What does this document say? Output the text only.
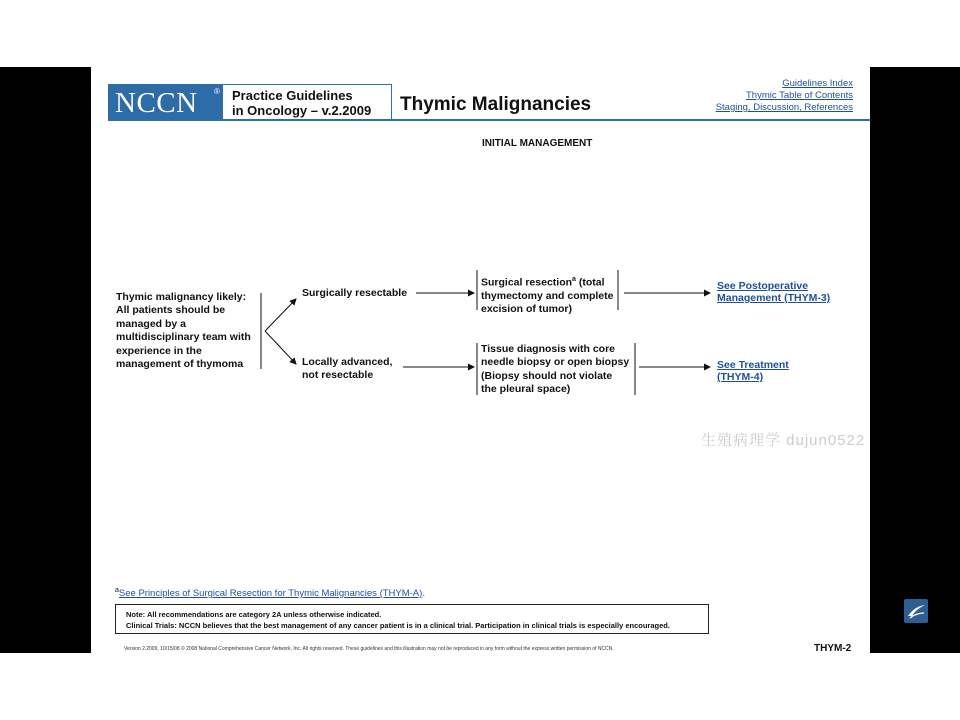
NCCN ® Practice Guidelines
in Oncology – v.2.2009 Thymic Malignancies
Guidelines Index
Thymic Table of Contents
Staging, Discussion, References
INITIAL MANAGEMENT
Thymic malignancy likely:
All patients should be
managed by a
multidisciplinary team with
experience in the
management of thymoma
Surgically resectable
Locally advanced,
not resectable
Surgical resection$^a$ (total
thymectomy and complete
excision of tumor)
Tissue diagnosis with core
needle biopsy or open biopsy
(Biopsy should not violate
the pleural space)
See Postoperative
Management (THYM-3)
See Treatment
(THYM-4)
生殖病理学 dujun0522
$^a$See Principles of Surgical Resection for Thymic Malignancies (THYM-A).
Note: All recommendations are category 2A unless otherwise indicated.
Clinical Trials: NCCN believes that the best management of any cancer patient is in a clinical trial. Participation in clinical trials is especially encouraged.
Version 2.2009, 10/15/08 © 2008 National Comprehensive Cancer Network, Inc. All rights reserved. These guidelines and this illustration may not be reproduced in any form without the express written permission of NCCN.	THYM-2
